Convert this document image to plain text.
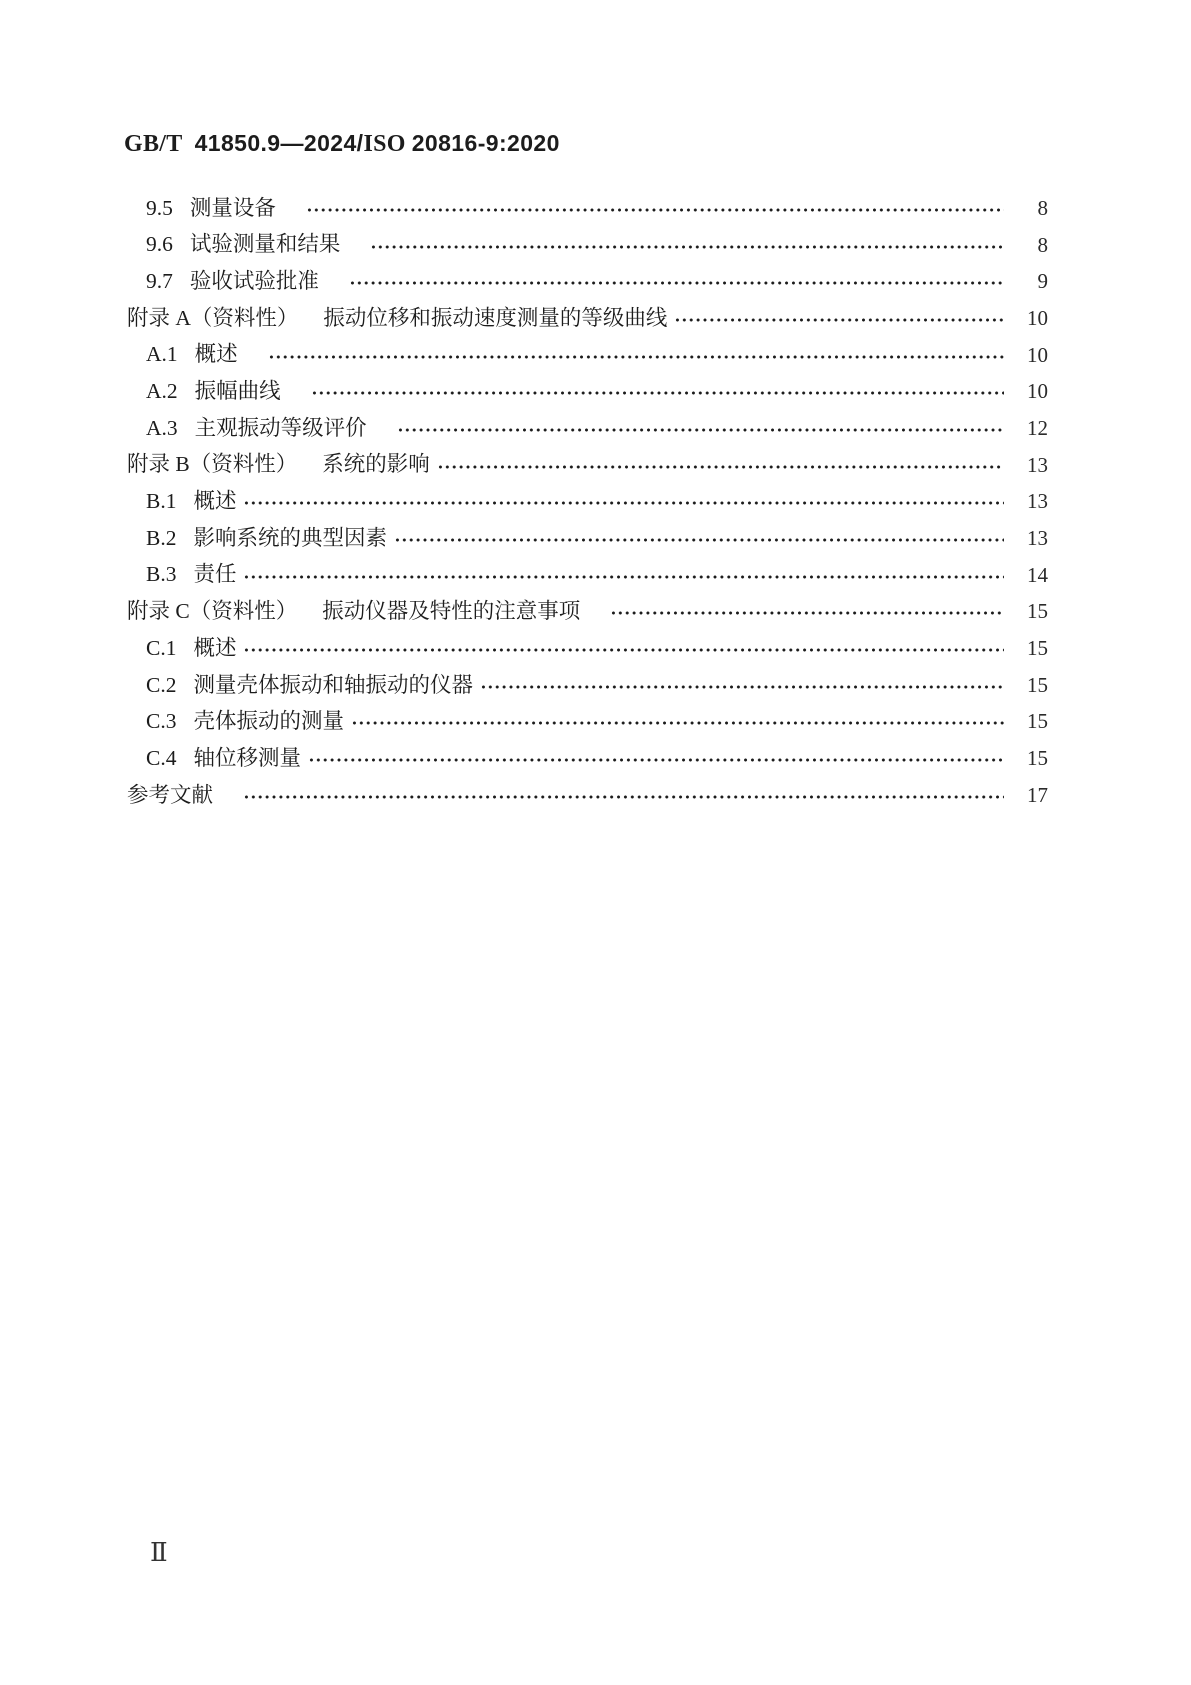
GB/T 41850.9—2024/ISO 20816-9:2020
9.5 测量设备	8
9.6 试验测量和结果	8
9.7 验收试验批准	9
附录 A（资料性） 振动位移和振动速度测量的等级曲线	10
A.1 概述	10
A.2 振幅曲线	10
A.3 主观振动等级评价	12
附录 B（资料性） 系统的影响	13
B.1 概述	13
B.2 影响系统的典型因素	13
B.3 责任	14
附录 C（资料性） 振动仪器及特性的注意事项	15
C.1 概述	15
C.2 测量壳体振动和轴振动的仪器	15
C.3 壳体振动的测量	15
C.4 轴位移测量	15
参考文献	17
Ⅱ
